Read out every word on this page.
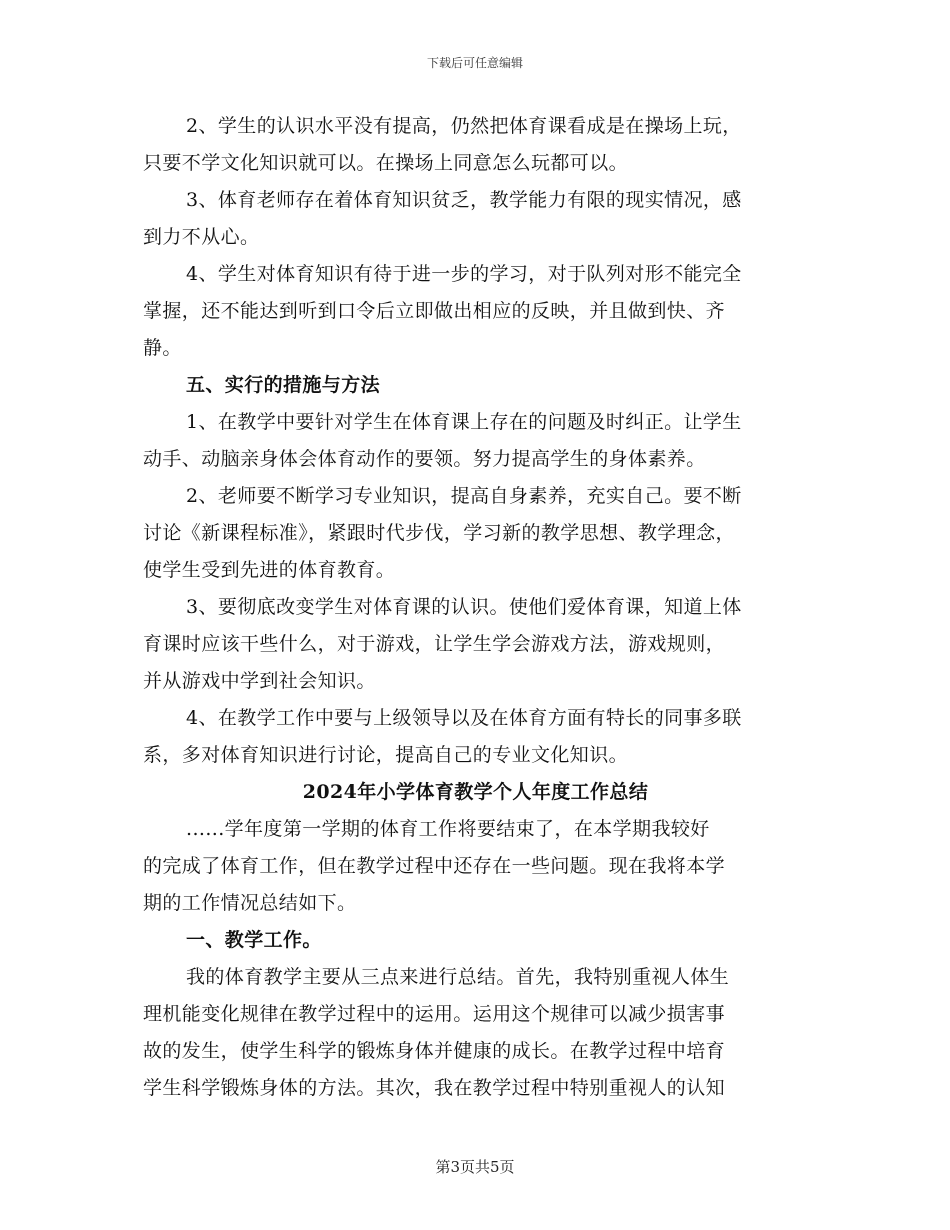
下载后可任意编辑
2、学生的认识水平没有提高，仍然把体育课看成是在操场上玩，
只要不学文化知识就可以。在操场上同意怎么玩都可以。
3、体育老师存在着体育知识贫乏，教学能力有限的现实情况，感
到力不从心。
4、学生对体育知识有待于进一步的学习，对于队列对形不能完全
掌握，还不能达到听到口令后立即做出相应的反映，并且做到快、齐
静。
五、实行的措施与方法
1、在教学中要针对学生在体育课上存在的问题及时纠正。让学生
动手、动脑亲身体会体育动作的要领。努力提高学生的身体素养。
2、老师要不断学习专业知识，提高自身素养，充实自己。要不断
讨论《新课程标准》，紧跟时代步伐，学习新的教学思想、教学理念，
使学生受到先进的体育教育。
3、要彻底改变学生对体育课的认识。使他们爱体育课，知道上体
育课时应该干些什么，对于游戏，让学生学会游戏方法，游戏规则，
并从游戏中学到社会知识。
4、在教学工作中要与上级领导以及在体育方面有特长的同事多联
系，多对体育知识进行讨论，提高自己的专业文化知识。
2024年小学体育教学个人年度工作总结
......学年度第一学期的体育工作将要结束了，在本学期我较好
的完成了体育工作，但在教学过程中还存在一些问题。现在我将本学
期的工作情况总结如下。
一、教学工作。
我的体育教学主要从三点来进行总结。首先，我特别重视人体生
理机能变化规律在教学过程中的运用。运用这个规律可以减少损害事
故的发生，使学生科学的锻炼身体并健康的成长。在教学过程中培育
学生科学锻炼身体的方法。其次，我在教学过程中特别重视人的认知
第3页共5页
